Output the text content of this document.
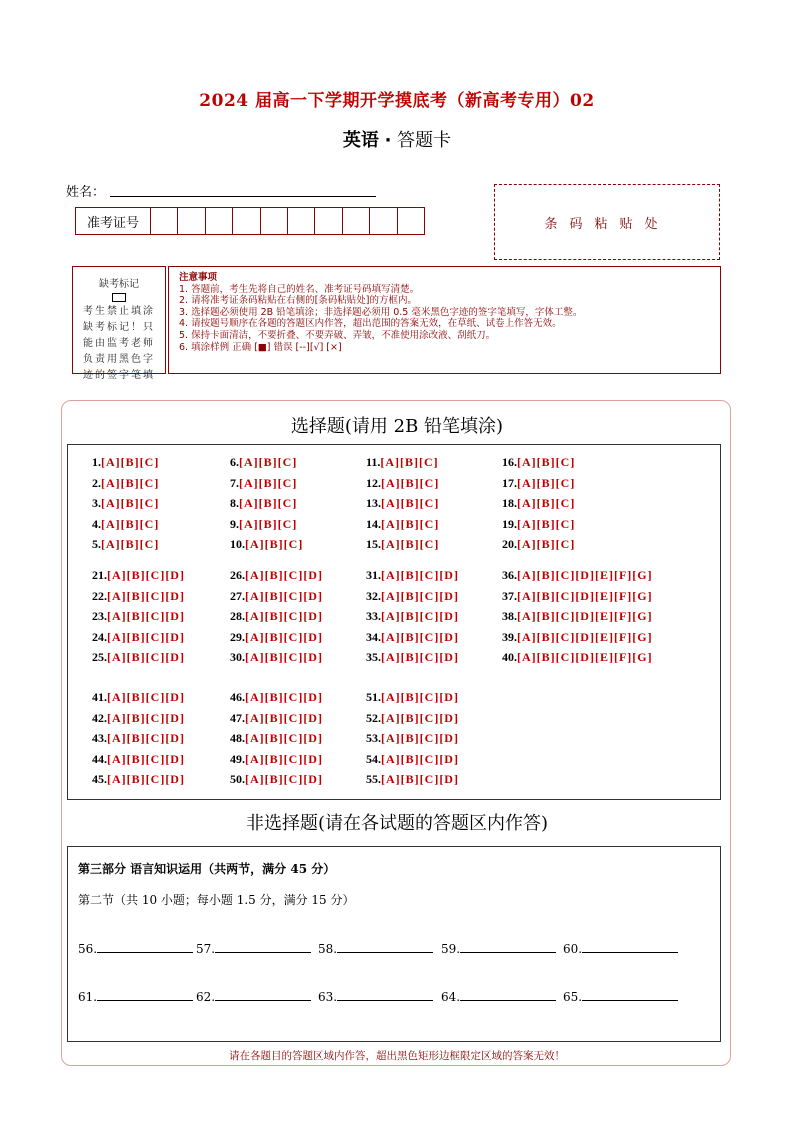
2024 届高一下学期开学摸底考（新高考专用）02
英语 · 答题卡
姓名：
准考证号	条码粘贴处
缺考标记
考生禁止填涂缺考标记！只能由监考老师负责用黑色字迹的签字笔填
注意事项
1. 答题前，考生先将自己的姓名、准考证号码填写清楚。
2. 请将准考证条码粘贴在右侧的[条码粘贴处]的方框内。
3. 选择题必须使用 2B 铅笔填涂；非选择题必须用 0.5 毫米黑色字迹的签字笔填写，字体工整。
4. 请按题号顺序在各题的答题区内作答，超出范围的答案无效，在草纸、试卷上作答无效。
5. 保持卡面清洁，不要折叠、不要弄破、弄皱，不准使用涂改液、刮纸刀。
6. 填涂样例 正确 [■] 错误 [--][√] [×]
选择题(请用 2B 铅笔填涂)
1.[A][B][C]
2.[A][B][C]
3.[A][B][C]
4.[A][B][C]
5.[A][B][C]
6.[A][B][C]
7.[A][B][C]
8.[A][B][C]
9.[A][B][C]
10.[A][B][C]
11.[A][B][C]
12.[A][B][C]
13.[A][B][C]
14.[A][B][C]
15.[A][B][C]
16.[A][B][C]
17.[A][B][C]
18.[A][B][C]
19.[A][B][C]
20.[A][B][C]
21.[A][B][C][D]
22.[A][B][C][D]
23.[A][B][C][D]
24.[A][B][C][D]
25.[A][B][C][D]
26.[A][B][C][D]
27.[A][B][C][D]
28.[A][B][C][D]
29.[A][B][C][D]
30.[A][B][C][D]
31.[A][B][C][D]
32.[A][B][C][D]
33.[A][B][C][D]
34.[A][B][C][D]
35.[A][B][C][D]
36.[A][B][C][D][E][F][G]
37.[A][B][C][D][E][F][G]
38.[A][B][C][D][E][F][G]
39.[A][B][C][D][E][F][G]
40.[A][B][C][D][E][F][G]
41.[A][B][C][D]
42.[A][B][C][D]
43.[A][B][C][D]
44.[A][B][C][D]
45.[A][B][C][D]
46.[A][B][C][D]
47.[A][B][C][D]
48.[A][B][C][D]
49.[A][B][C][D]
50.[A][B][C][D]
51.[A][B][C][D]
52.[A][B][C][D]
53.[A][B][C][D]
54.[A][B][C][D]
55.[A][B][C][D]
非选择题(请在各试题的答题区内作答)
第三部分 语言知识运用（共两节，满分 45 分）
第二节（共 10 小题；每小题 1.5 分，满分 15 分）
56.	57.	58.	59.	60.
61.	62.	63.	64.	65.
请在各题目的答题区域内作答，超出黑色矩形边框限定区域的答案无效！
